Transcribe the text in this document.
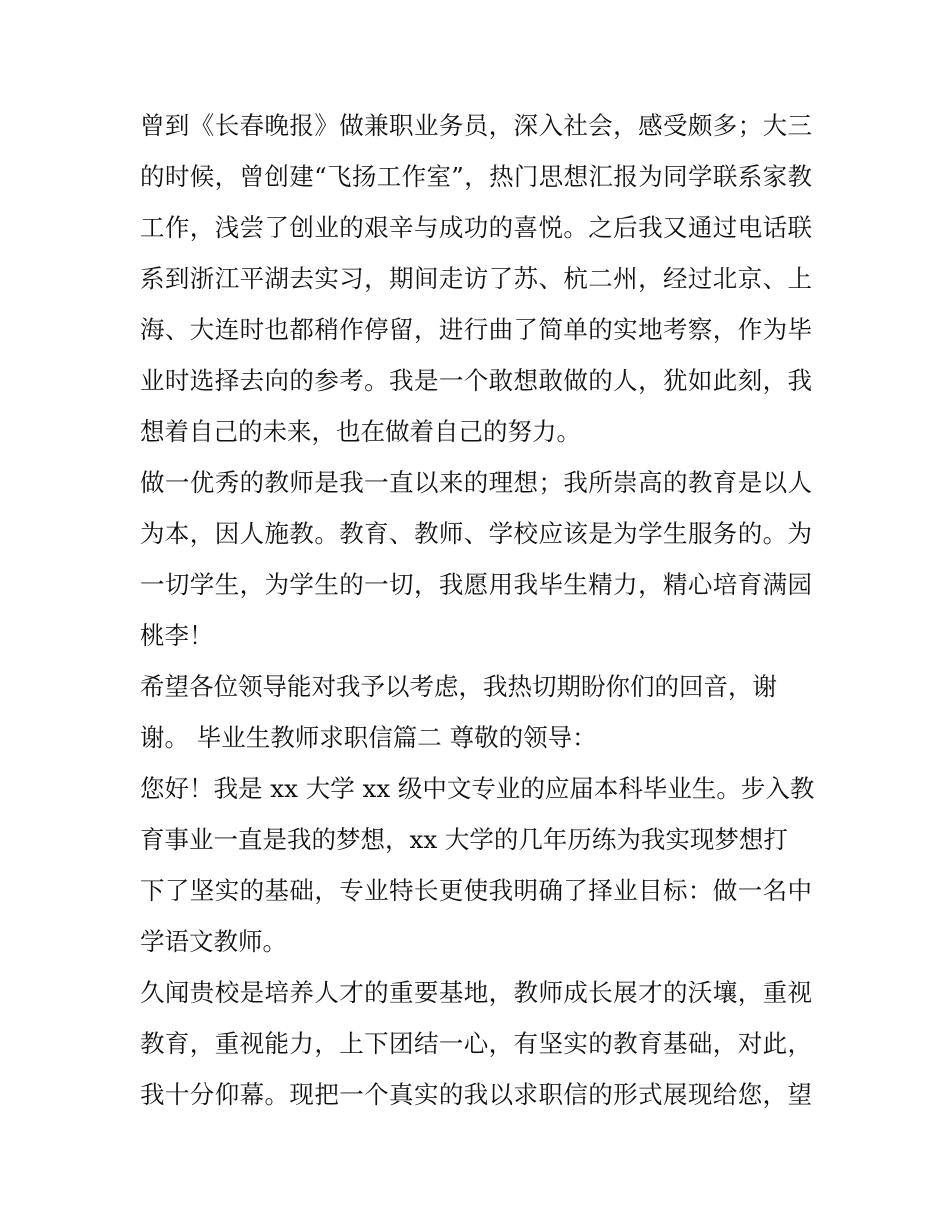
曾到《长春晚报》做兼职业务员，深入社会，感受颇多；大三
的时候，曾创建“飞扬工作室”，热门思想汇报为同学联系家教
工作，浅尝了创业的艰辛与成功的喜悦。之后我又通过电话联
系到浙江平湖去实习，期间走访了苏、杭二州，经过北京、上
海、大连时也都稍作停留，进行曲了简单的实地考察，作为毕
业时选择去向的参考。我是一个敢想敢做的人，犹如此刻，我
想着自己的未来，也在做着自己的努力。
做一优秀的教师是我一直以来的理想；我所崇高的教育是以人
为本，因人施教。教育、教师、学校应该是为学生服务的。为
一切学生，为学生的一切，我愿用我毕生精力，精心培育满园
桃李！
希望各位领导能对我予以考虑，我热切期盼你们的回音，谢
谢。 毕业生教师求职信篇二 尊敬的领导：
您好！我是 xx 大学 xx 级中文专业的应届本科毕业生。步入教
育事业一直是我的梦想，xx 大学的几年历练为我实现梦想打
下了坚实的基础，专业特长更使我明确了择业目标：做一名中
学语文教师。
久闻贵校是培养人才的重要基地，教师成长展才的沃壤，重视
教育，重视能力，上下团结一心，有坚实的教育基础，对此，
我十分仰幕。现把一个真实的我以求职信的形式展现给您，望
